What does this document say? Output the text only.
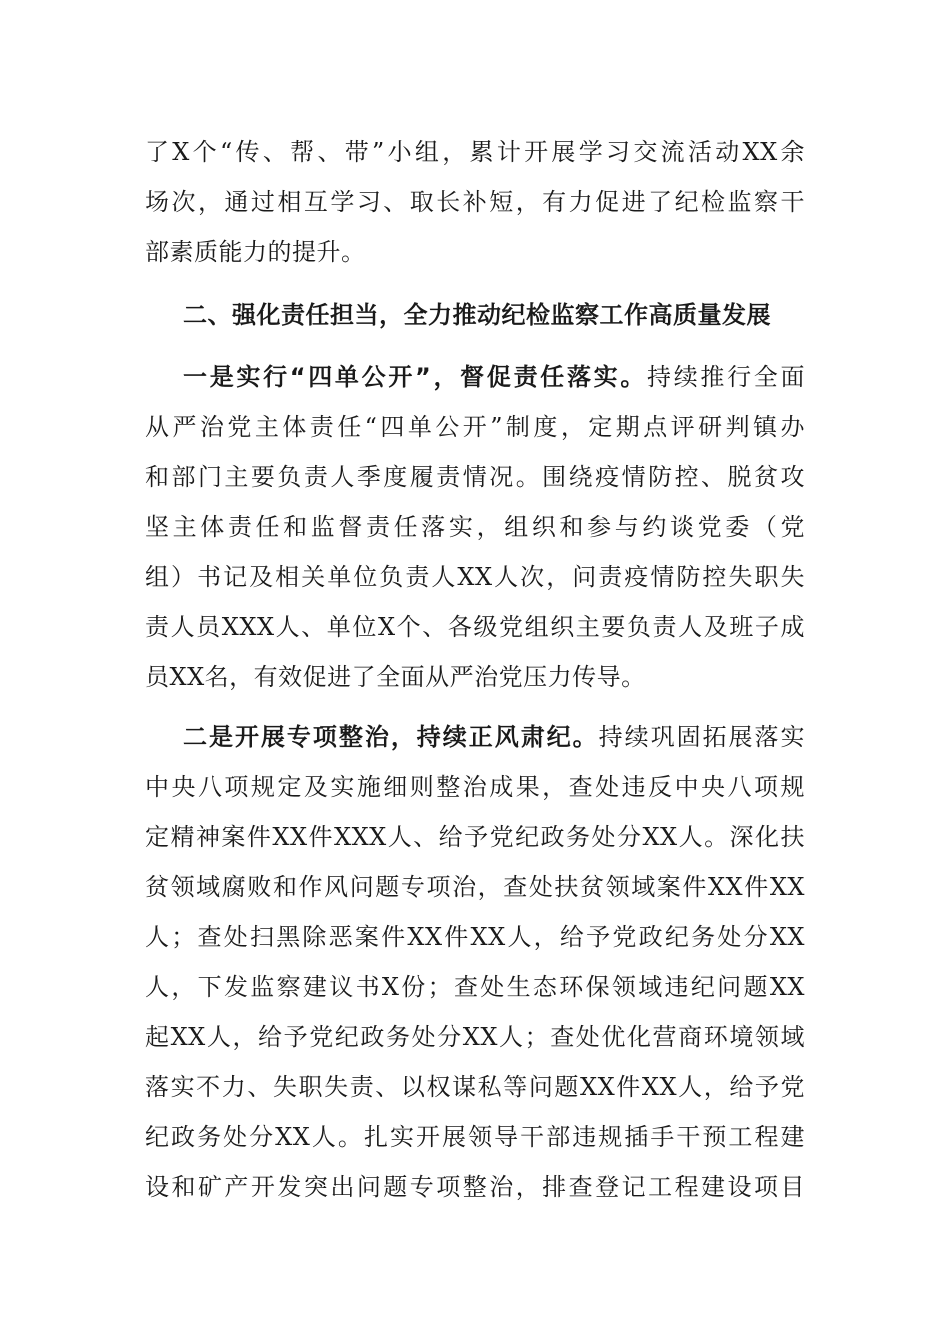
了X个“传、帮、带”小组，累计开展学习交流活动XX余
场次，通过相互学习、取长补短，有力促进了纪检监察干
部素质能力的提升。
二、强化责任担当，全力推动纪检监察工作高质量发展
一是实行“四单公开”，督促责任落实。持续推行全面
从严治党主体责任“四单公开”制度，定期点评研判镇办
和部门主要负责人季度履责情况。围绕疫情防控、脱贫攻
坚主体责任和监督责任落实，组织和参与约谈党委（党
组）书记及相关单位负责人XX人次，问责疫情防控失职失
责人员XXX人、单位X个、各级党组织主要负责人及班子成
员XX名，有效促进了全面从严治党压力传导。
二是开展专项整治，持续正风肃纪。持续巩固拓展落实
中央八项规定及实施细则整治成果，查处违反中央八项规
定精神案件XX件XXX人、给予党纪政务处分XX人。深化扶
贫领域腐败和作风问题专项治，查处扶贫领域案件XX件XX
人；查处扫黑除恶案件XX件XX人，给予党政纪务处分XX
人，下发监察建议书X份；查处生态环保领域违纪问题XX
起XX人，给予党纪政务处分XX人；查处优化营商环境领域
落实不力、失职失责、以权谋私等问题XX件XX人，给予党
纪政务处分XX人。扎实开展领导干部违规插手干预工程建
设和矿产开发突出问题专项整治，排查登记工程建设项目
